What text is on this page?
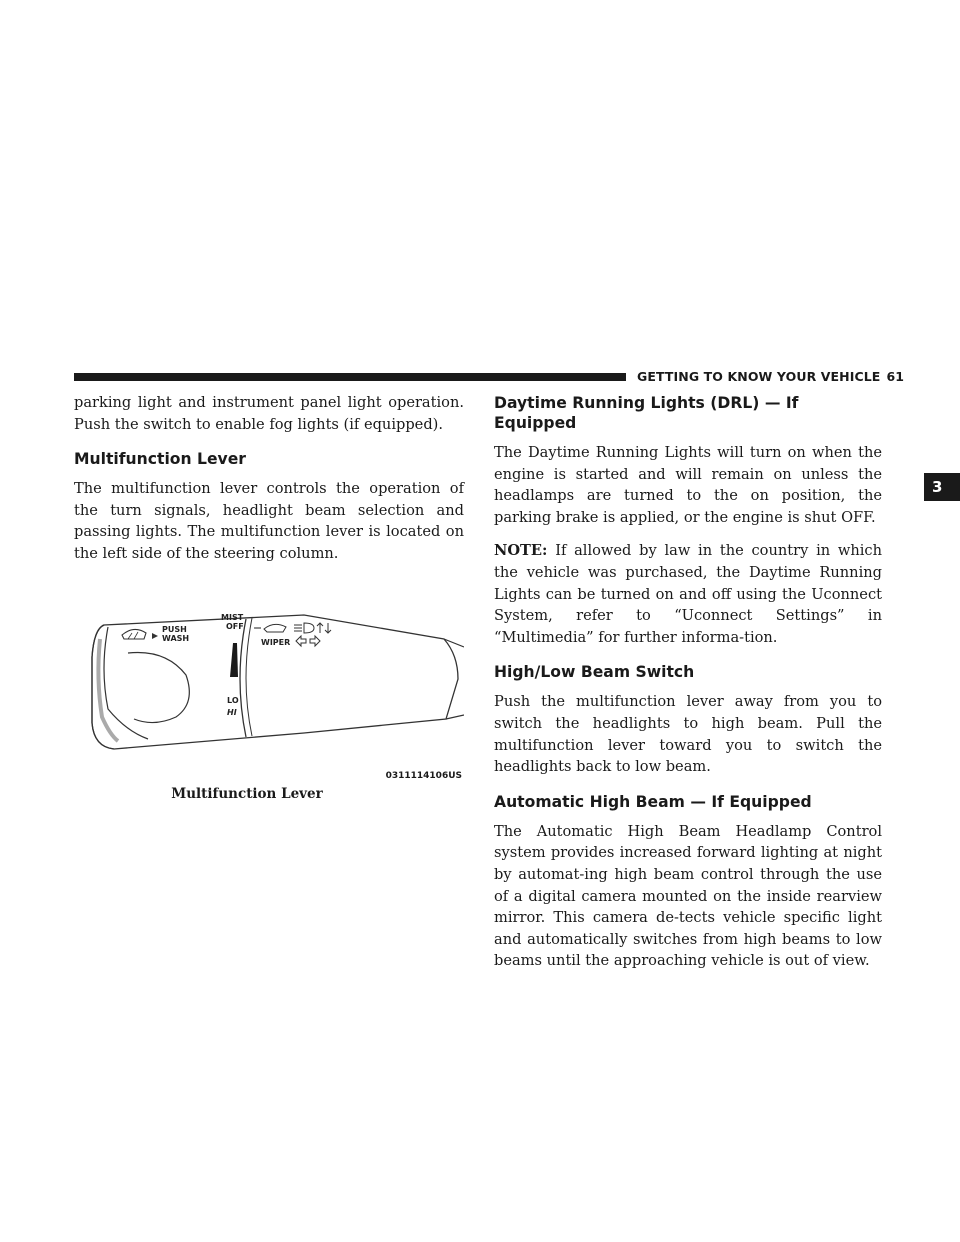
GETTING TO KNOW YOUR VEHICLE 61
3

parking light and instrument panel light operation. Push the switch to enable fog lights (if equipped).

Multifunction Lever

The multifunction lever controls the operation of the turn signals, headlight beam selection and passing lights. The multifunction lever is located on the left side of the steering column.

PUSH
WASH
MIST
OFF
LO
HI
WIPER
0311114106US
Multifunction Lever
Daytime Running Lights (DRL) — If Equipped

The Daytime Running Lights will turn on when the engine is started and will remain on unless the headlamps are turned to the on position, the parking brake is applied, or the engine is shut OFF.

NOTE: If allowed by law in the country in which the vehicle was purchased, the Daytime Running Lights can be turned on and off using the Uconnect System, refer to “Uconnect Settings” in “Multimedia” for further informa-tion.

High/Low Beam Switch

Push the multifunction lever away from you to switch the headlights to high beam. Pull the multifunction lever toward you to switch the headlights back to low beam.

Automatic High Beam — If Equipped

The Automatic High Beam Headlamp Control system provides increased forward lighting at night by automat-ing high beam control through the use of a digital camera mounted on the inside rearview mirror. This camera de-tects vehicle specific light and automatically switches from high beams to low beams until the approaching vehicle is out of view.
